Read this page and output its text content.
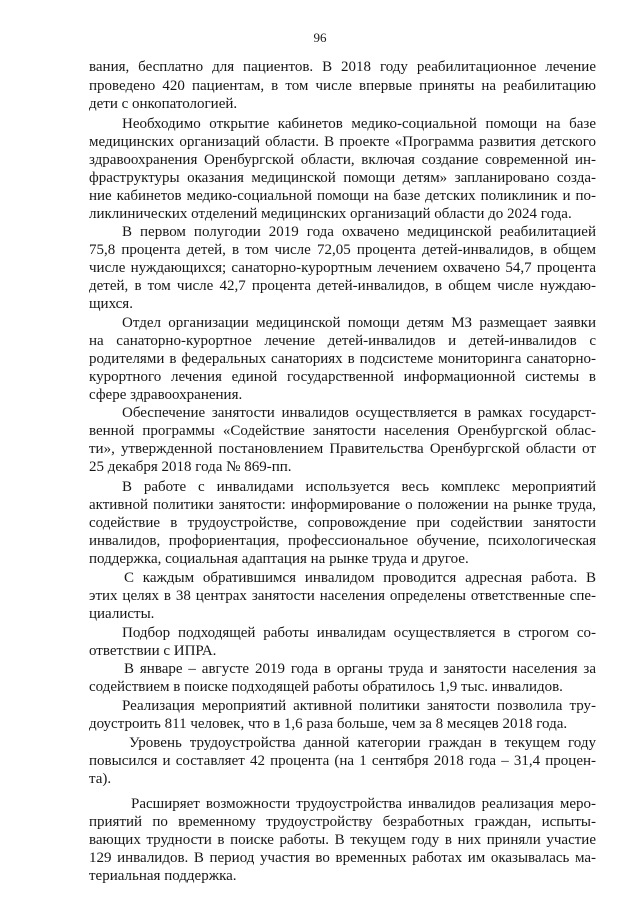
96
вания, бесплатно для пациентов. В 2018 году реабилитационное лечение
проведено 420 пациентам, в том числе впервые приняты на реабилитацию
дети с онкопатологией.
Необходимо открытие кабинетов медико-социальной помощи на базе
медицинских организаций области. В проекте «Программа развития детского
здравоохранения Оренбургской области, включая создание современной ин-
фраструктуры оказания медицинской помощи детям» запланировано созда-
ние кабинетов медико-социальной помощи на базе детских поликлиник и по-
ликлинических отделений медицинских организаций области до 2024 года.
В первом полугодии 2019 года охвачено медицинской реабилитацией
75,8 процента детей, в том числе 72,05 процента детей-инвалидов, в общем
числе нуждающихся; санаторно-курортным лечением охвачено 54,7 процента
детей, в том числе 42,7 процента детей-инвалидов, в общем числе нуждаю-
щихся.
Отдел организации медицинской помощи детям МЗ размещает заявки
на санаторно-курортное лечение детей-инвалидов и детей-инвалидов с
родителями в федеральных санаториях в подсистеме мониторинга санаторно-
курортного лечения единой государственной информационной системы в
сфере здравоохранения.
Обеспечение занятости инвалидов осуществляется в рамках государст-
венной программы «Содействие занятости населения Оренбургской облас-
ти», утвержденной постановлением Правительства Оренбургской области от
25 декабря 2018 года № 869-пп.
В работе с инвалидами используется весь комплекс мероприятий
активной политики занятости: информирование о положении на рынке труда,
содействие в трудоустройстве, сопровождение при содействии занятости
инвалидов, профориентация, профессиональное обучение, психологическая
поддержка, социальная адаптация на рынке труда и другое.
С каждым обратившимся инвалидом проводится адресная работа. В
этих целях в 38 центрах занятости населения определены ответственные спе-
циалисты.
Подбор подходящей работы инвалидам осуществляется в строгом со-
ответствии с ИПРА.
В январе – августе 2019 года в органы труда и занятости населения за
содействием в поиске подходящей работы обратилось 1,9 тыс. инвалидов.
Реализация мероприятий активной политики занятости позволила тру-
доустроить 811 человек, что в 1,6 раза больше, чем за 8 месяцев 2018 года.
Уровень трудоустройства данной категории граждан в текущем году
повысился и составляет 42 процента (на 1 сентября 2018 года – 31,4 процен-
та).
Расширяет возможности трудоустройства инвалидов реализация меро-
приятий по временному трудоустройству безработных граждан, испыты-
вающих трудности в поиске работы. В текущем году в них приняли участие
129 инвалидов. В период участия во временных работах им оказывалась ма-
териальная поддержка.
